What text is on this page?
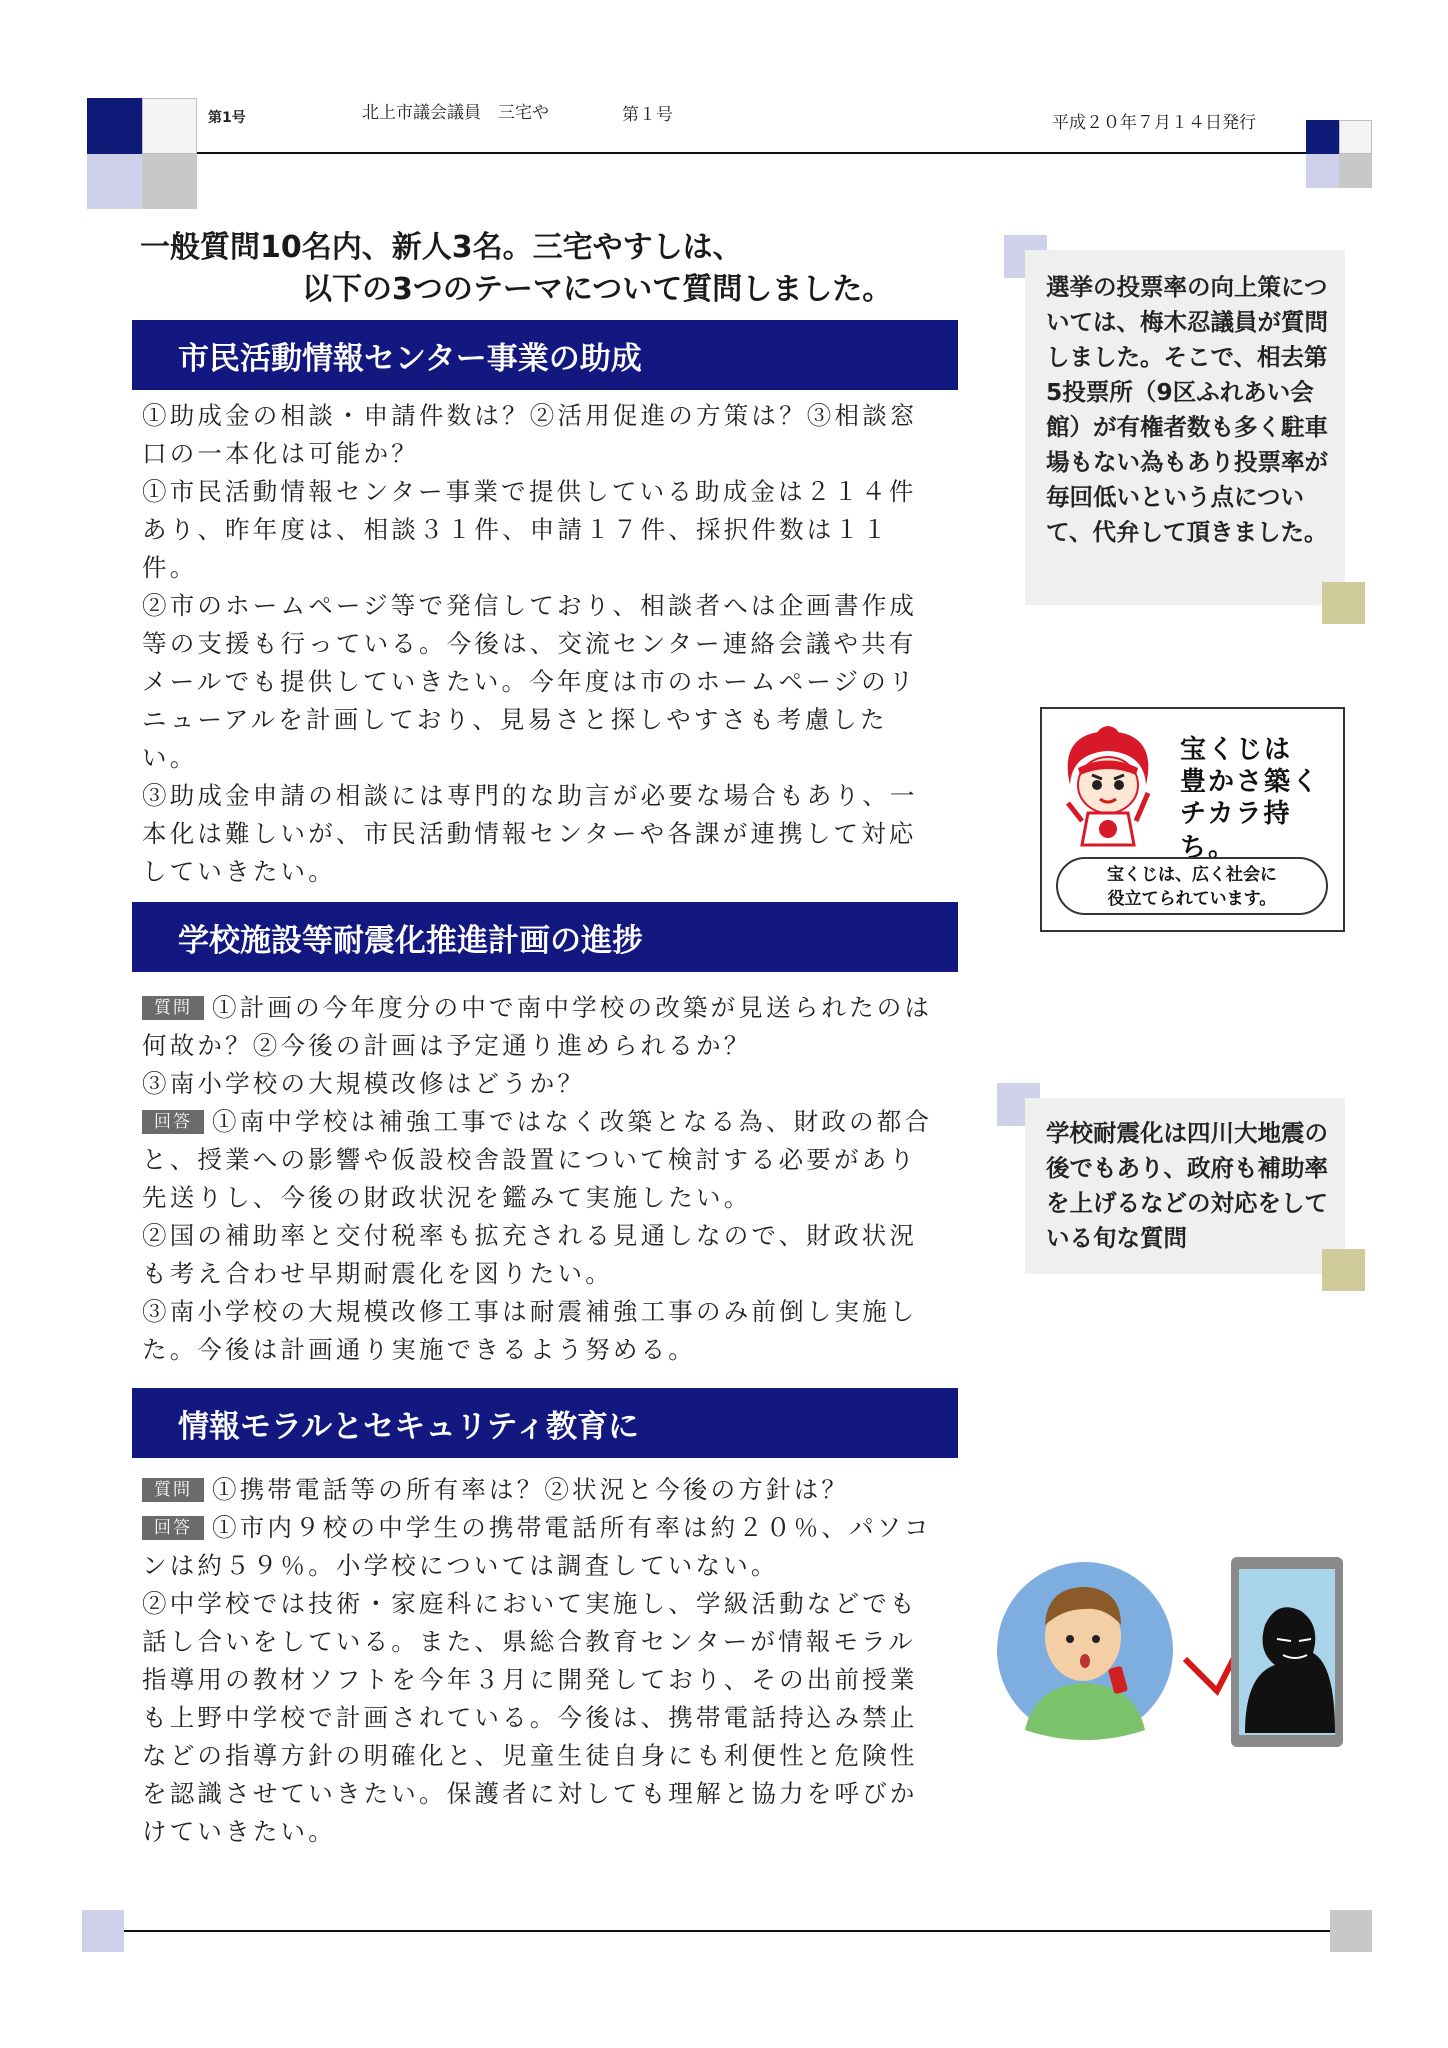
第1号	北上市議会議員　三宅や	第１号	平成２０年７月１４日発行
一般質問10名内、新人3名。三宅やすしは、
以下の3つのテーマについて質問しました。
市民活動情報センター事業の助成

①助成金の相談・申請件数は？②活用促進の方策は？③相談窓口の一本化は可能か？

①市民活動情報センター事業で提供している助成金は２１４件あり、昨年度は、相談３１件、申請１７件、採択件数は１１件。

②市のホームページ等で発信しており、相談者へは企画書作成等の支援も行っている。今後は、交流センター連絡会議や共有メールでも提供していきたい。今年度は市のホームページのリニューアルを計画しており、見易さと探しやすさも考慮したい。

③助成金申請の相談には専門的な助言が必要な場合もあり、一本化は難しいが、市民活動情報センターや各課が連携して対応していきたい。

学校施設等耐震化推進計画の進捗

質問 ①計画の今年度分の中で南中学校の改築が見送られたのは何故か？②今後の計画は予定通り進められるか？

③南小学校の大規模改修はどうか？

回答 ①南中学校は補強工事ではなく改築となる為、財政の都合と、授業への影響や仮設校舎設置について検討する必要があり先送りし、今後の財政状況を鑑みて実施したい。

②国の補助率と交付税率も拡充される見通しなので、財政状況も考え合わせ早期耐震化を図りたい。

③南小学校の大規模改修工事は耐震補強工事のみ前倒し実施した。今後は計画通り実施できるよう努める。

情報モラルとセキュリティ教育に

質問 ①携帯電話等の所有率は？②状況と今後の方針は？

回答 ①市内９校の中学生の携帯電話所有率は約２０％、パソコンは約５９％。小学校については調査していない。

②中学校では技術・家庭科において実施し、学級活動などでも話し合いをしている。また、県総合教育センターが情報モラル指導用の教材ソフトを今年３月に開発しており、その出前授業も上野中学校で計画されている。今後は、携帯電話持込み禁止などの指導方針の明確化と、児童生徒自身にも利便性と危険性を認識させていきたい。保護者に対しても理解と協力を呼びかけていきたい。

選挙の投票率の向上策については、梅木忍議員が質問しました。そこで、相去第5投票所（9区ふれあい会館）が有権者数も多く駐車場もない為もあり投票率が毎回低いという点について、代弁して頂きました。
宝くじは
豊かさ築く
チカラ持ち。
宝くじは、広く社会に
役立てられています。
学校耐震化は四川大地震の後でもあり、政府も補助率を上げるなどの対応をしている旬な質問
